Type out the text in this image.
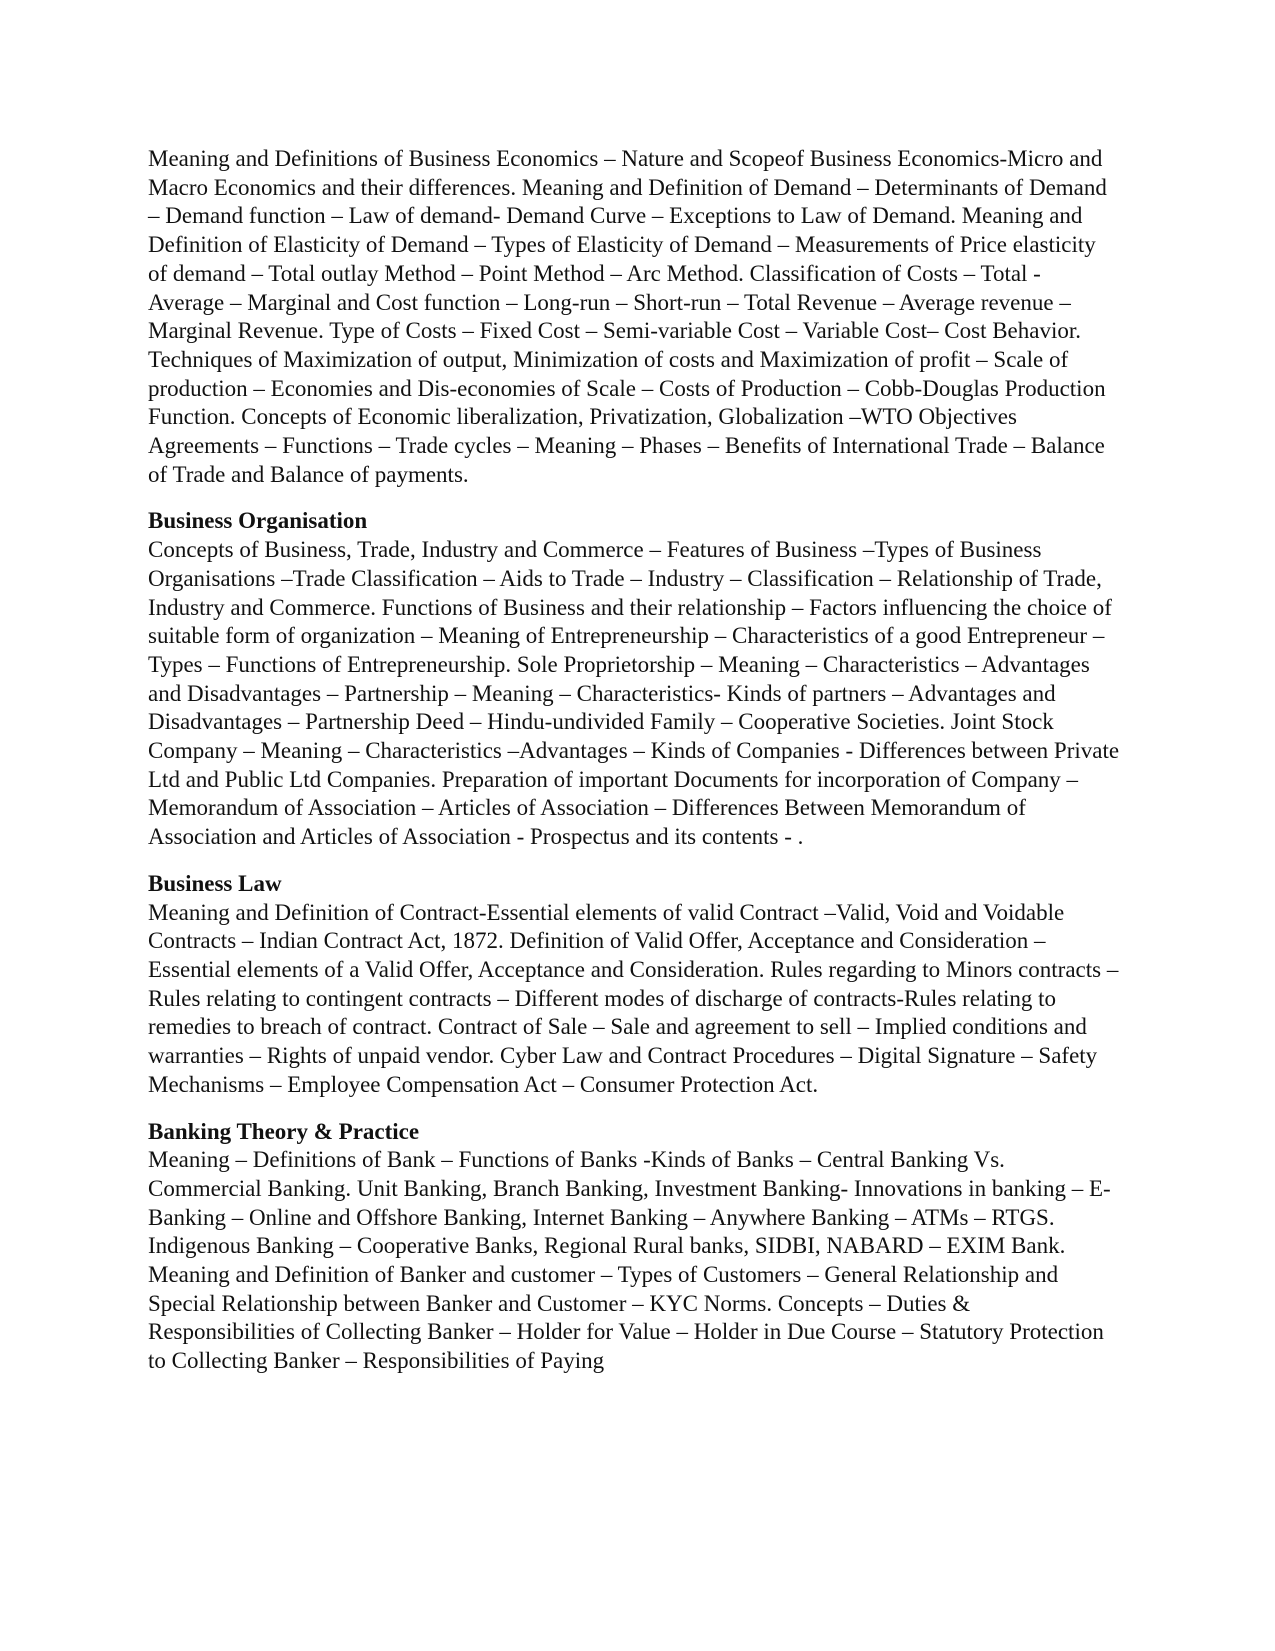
Meaning and Definitions of Business Economics – Nature and Scopeof Business Economics-Micro and Macro Economics and their differences. Meaning and Definition of Demand – Determinants of Demand – Demand function – Law of demand- Demand Curve – Exceptions to Law of Demand. Meaning and Definition of Elasticity of Demand – Types of Elasticity of Demand – Measurements of Price elasticity of demand – Total outlay Method – Point Method – Arc Method. Classification of Costs – Total - Average – Marginal and Cost function – Long-run – Short-run – Total Revenue – Average revenue – Marginal Revenue. Type of Costs – Fixed Cost – Semi-variable Cost – Variable Cost– Cost Behavior. Techniques of Maximization of output, Minimization of costs and Maximization of profit – Scale of production – Economies and Dis-economies of Scale – Costs of Production – Cobb-Douglas Production Function. Concepts of Economic liberalization, Privatization, Globalization –WTO Objectives Agreements – Functions – Trade cycles – Meaning – Phases – Benefits of International Trade – Balance of Trade and Balance of payments.

Business Organisation

Concepts of Business, Trade, Industry and Commerce – Features of Business –Types of Business Organisations –Trade Classification – Aids to Trade – Industry – Classification – Relationship of Trade, Industry and Commerce. Functions of Business and their relationship – Factors influencing the choice of suitable form of organization – Meaning of Entrepreneurship – Characteristics of a good Entrepreneur – Types – Functions of Entrepreneurship. Sole Proprietorship – Meaning – Characteristics – Advantages and Disadvantages – Partnership – Meaning – Characteristics- Kinds of partners – Advantages and Disadvantages – Partnership Deed – Hindu-undivided Family – Cooperative Societies. Joint Stock Company – Meaning – Characteristics –Advantages – Kinds of Companies - Differences between Private Ltd and Public Ltd Companies. Preparation of important Documents for incorporation of Company – Memorandum of Association – Articles of Association – Differences Between Memorandum of Association and Articles of Association - Prospectus and its contents - .

Business Law

Meaning and Definition of Contract-Essential elements of valid Contract –Valid, Void and Voidable Contracts – Indian Contract Act, 1872. Definition of Valid Offer, Acceptance and Consideration –Essential elements of a Valid Offer, Acceptance and Consideration. Rules regarding to Minors contracts – Rules relating to contingent contracts – Different modes of discharge of contracts-Rules relating to remedies to breach of contract. Contract of Sale – Sale and agreement to sell – Implied conditions and warranties – Rights of unpaid vendor. Cyber Law and Contract Procedures – Digital Signature – Safety Mechanisms – Employee Compensation Act – Consumer Protection Act.

Banking Theory & Practice

Meaning – Definitions of Bank – Functions of Banks -Kinds of Banks – Central Banking Vs. Commercial Banking. Unit Banking, Branch Banking, Investment Banking- Innovations in banking – E-Banking – Online and Offshore Banking, Internet Banking – Anywhere Banking – ATMs – RTGS. Indigenous Banking – Cooperative Banks, Regional Rural banks, SIDBI, NABARD – EXIM Bank. Meaning and Definition of Banker and customer – Types of Customers – General Relationship and Special Relationship between Banker and Customer – KYC Norms. Concepts – Duties & Responsibilities of Collecting Banker – Holder for Value – Holder in Due Course – Statutory Protection to Collecting Banker – Responsibilities of Paying
